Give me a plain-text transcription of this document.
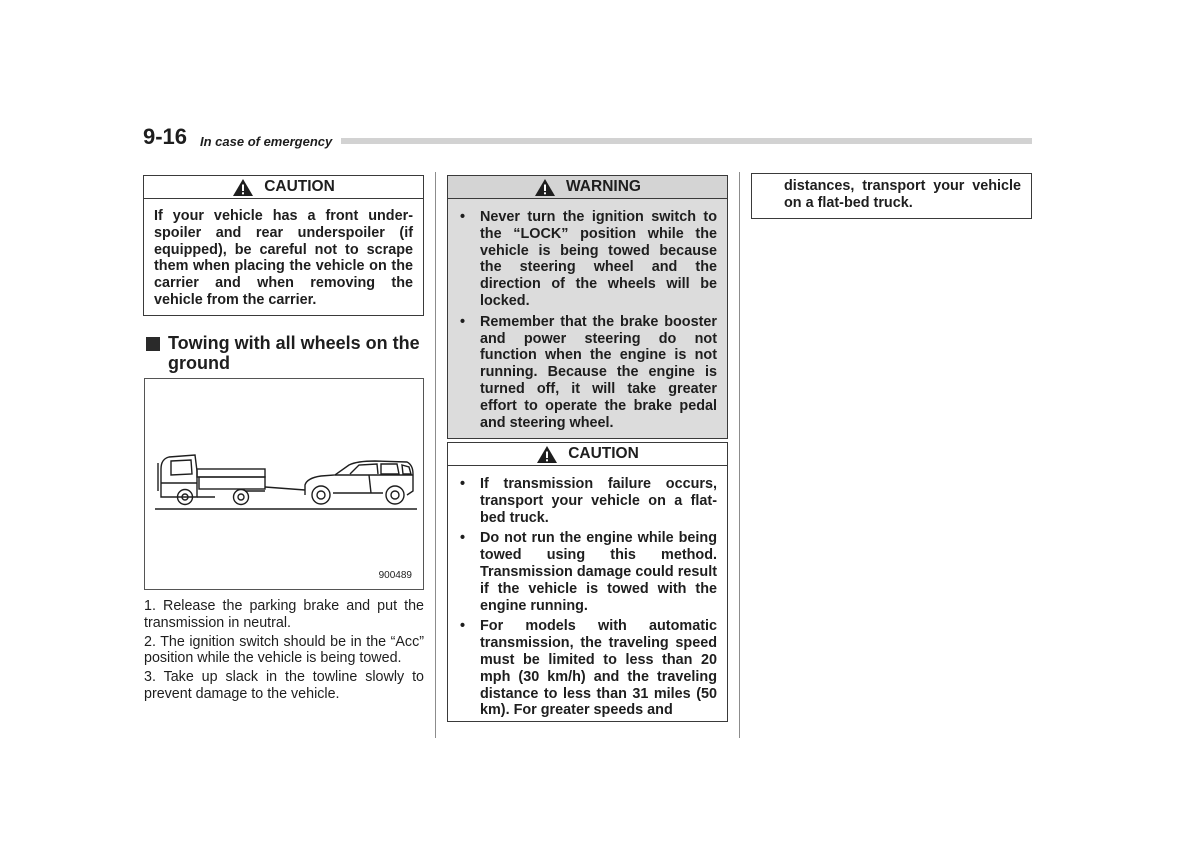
9-16 In case of emergency
CAUTION

If your vehicle has a front under-spoiler and rear underspoiler (if equipped), be careful not to scrape them when placing the vehicle on the carrier and when removing the vehicle from the carrier.

Towing with all wheels on the ground
900489

1. Release the parking brake and put the transmission in neutral.

2. The ignition switch should be in the “Acc” position while the vehicle is being towed.

3. Take up slack in the towline slowly to prevent damage to the vehicle.

WARNING
• Never turn the ignition switch to the “LOCK” position while the vehicle is being towed because the steering wheel and the direction of the wheels will be locked.
• Remember that the brake booster and power steering do not function when the engine is not running. Because the engine is turned off, it will take greater effort to operate the brake pedal and steering wheel.
CAUTION
• If transmission failure occurs, transport your vehicle on a flat-bed truck.
• Do not run the engine while being towed using this method. Transmission damage could result if the vehicle is towed with the engine running.
• For models with automatic transmission, the traveling speed must be limited to less than 20 mph (30 km/h) and the traveling distance to less than 31 miles (50 km). For greater speeds and

distances, transport your vehicle on a flat-bed truck.
